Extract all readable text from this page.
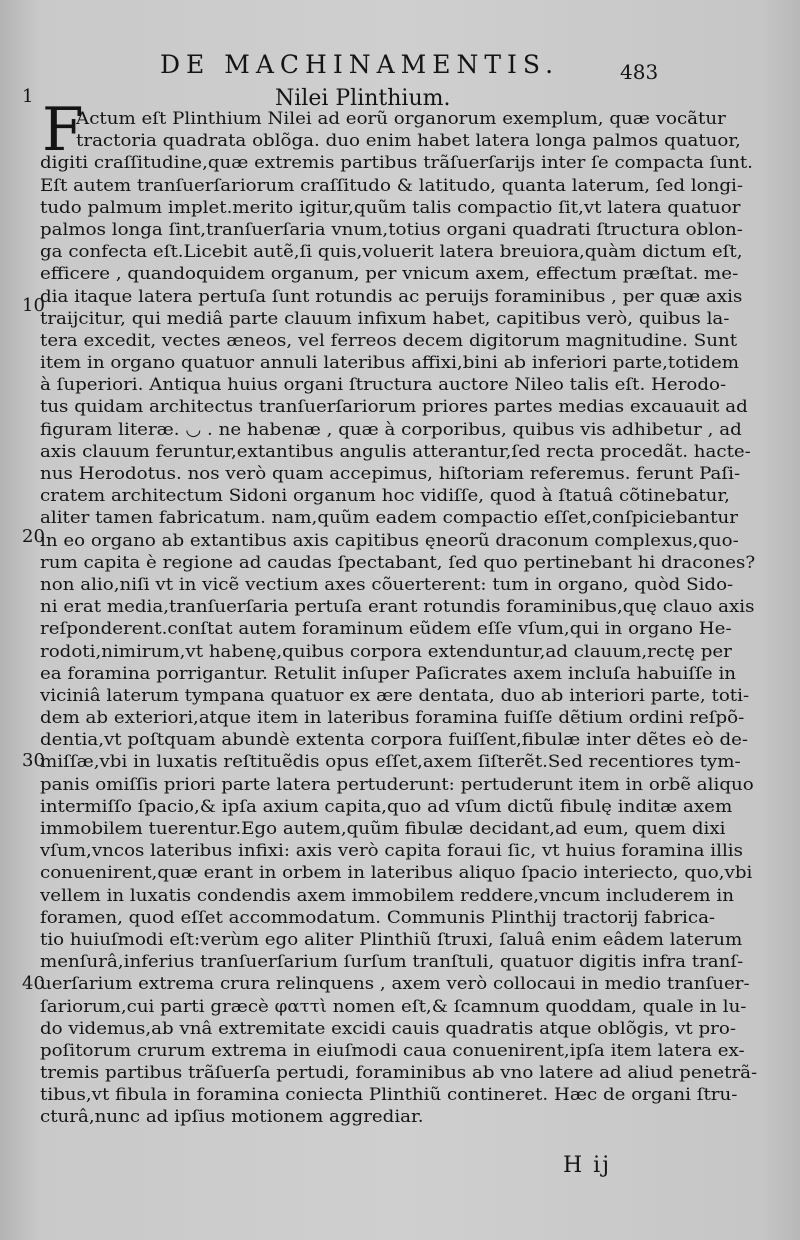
DE MACHINAMENTIS.	483
1
10
20
30
40
Nilei Plinthium.
F
Actum eſt Plinthium Nilei ad eorũ organorum exemplum, quæ vocãtur
tractoria quadrata oblõga. duo enim habet latera longa palmos quatuor,
digiti craſſitudine,quæ extremis partibus trãſuerſarijs inter ſe compacta ſunt.
Eſt autem tranſuerſariorum craſſitudo & latitudo, quanta laterum, ſed longi-
tudo palmum implet.merito igitur,quũm talis compactio ſit,vt latera quatuor
palmos longa ſint,tranſuerſaria vnum,totius organi quadrati ſtructura oblon-
ga confecta eſt.Licebit autẽ,ſi quis,voluerit latera breuiora,quàm dictum eſt,
efficere , quandoquidem organum, per vnicum axem, effectum præſtat. me-
dia itaque latera pertuſa ſunt rotundis ac peruijs foraminibus , per quæ axis
traijcitur, qui mediâ parte clauum infixum habet, capitibus verò, quibus la-
tera excedit, vectes æneos, vel ferreos decem digitorum magnitudine. Sunt
item in organo quatuor annuli lateribus affixi,bini ab inferiori parte,totidem
à ſuperiori. Antiqua huius organi ſtructura auctore Nileo talis eſt. Herodo-
tus quidam architectus tranſuerſariorum priores partes medias excauauit ad
figuram literæ. ◡ . ne habenæ , quæ à corporibus, quibus vis adhibetur , ad
axis clauum feruntur,extantibus angulis atterantur,ſed recta procedãt. hacte-
nus Herodotus. nos verò quam accepimus, hiſtoriam referemus. ferunt Paſi-
cratem architectum Sidoni organum hoc vidiſſe, quod à ſtatuâ cõtinebatur,
aliter tamen fabricatum. nam,quũm eadem compactio eſſet,conſpiciebantur
in eo organo ab extantibus axis capitibus ęneorũ draconum complexus,quo-
rum capita è regione ad caudas ſpectabant, ſed quo pertinebant hi dracones?
non alio,niſi vt in vicẽ vectium axes cõuerterent: tum in organo, quòd Sido-
ni erat media,tranſuerſaria pertuſa erant rotundis foraminibus,quę clauo axis
reſponderent.conſtat autem foraminum eũdem eſſe vſum,qui in organo He-
rodoti,nimirum,vt habenę,quibus corpora extenduntur,ad clauum,rectę per
ea foramina porrigantur. Retulit inſuper Paſicrates axem incluſa habuiſſe in
viciniâ laterum tympana quatuor ex ære dentata, duo ab interiori parte, toti-
dem ab exteriori,atque item in lateribus foramina fuiſſe dẽtium ordini reſpõ-
dentia,vt poſtquam abundè extenta corpora fuiſſent,fibulæ inter dẽtes eò de-
miſſæ,vbi in luxatis reſtituẽdis opus eſſet,axem ſiſterẽt.Sed recentiores tym-
panis omiſſis priori parte latera pertuderunt: pertuderunt item in orbẽ aliquo
intermiſſo ſpacio,& ipſa axium capita,quo ad vſum dictũ fibulę inditæ axem
immobilem tuerentur.Ego autem,quũm fibulæ decidant,ad eum, quem dixi
vſum,vncos lateribus infixi: axis verò capita foraui ſic, vt huius foramina illis
conuenirent,quæ erant in orbem in lateribus aliquo ſpacio interiecto, quo,vbi
vellem in luxatis condendis axem immobilem reddere,vncum includerem in
foramen, quod eſſet accommodatum. Communis Plinthij tractorij fabrica-
tio huiuſmodi eſt:verùm ego aliter Plinthiũ ſtruxi, ſaluâ enim eâdem laterum
menſurâ,inferius tranſuerſarium ſurſum tranſtuli, quatuor digitis infra tranſ-
uerſarium extrema crura relinquens , axem verò collocaui in medio tranſuer-
ſariorum,cui parti græcè φαττὶ nomen eſt,& ſcamnum quoddam, quale in lu-
do videmus,ab vnâ extremitate excidi cauis quadratis atque oblõgis, vt pro-
poſitorum crurum extrema in eiuſmodi caua conuenirent,ipſa item latera ex-
tremis partibus trãſuerſa pertudi, foraminibus ab vno latere ad aliud penetrã-
tibus,vt fibula in foramina coniecta Plinthiũ contineret. Hæc de organi ſtru-
cturâ,nunc ad ipſius motionem aggrediar.
H ij
